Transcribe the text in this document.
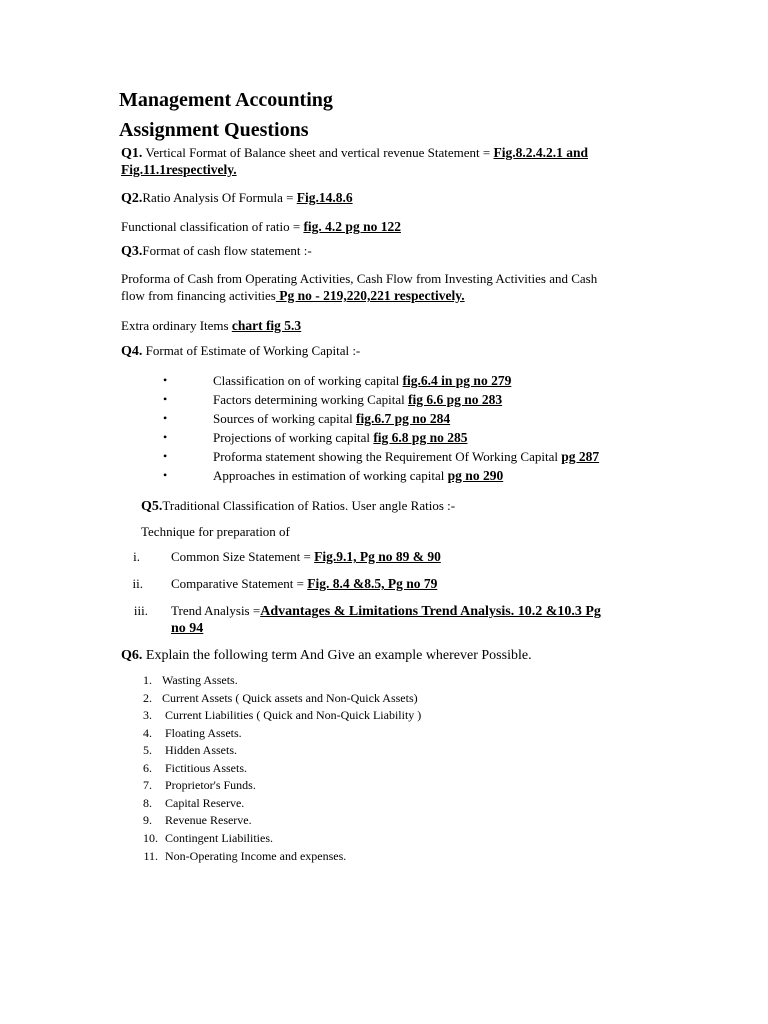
Management Accounting
Assignment Questions
Q1. Vertical Format of Balance sheet and vertical revenue Statement = Fig.8.2.4.2.1 and
Fig.11.1respectively.
Q2.Ratio Analysis Of Formula = Fig.14.8.6
Functional classification of ratio = fig. 4.2 pg no 122
Q3.Format of cash flow statement :-
Proforma of Cash from Operating Activities, Cash Flow from Investing Activities and Cash
flow from financing activities Pg no - 219,220,221 respectively.
Extra ordinary Items chart fig 5.3
Q4. Format of Estimate of Working Capital :-
•	Classification on of working capital fig.6.4 in pg no 279
•	Factors determining working Capital fig 6.6 pg no 283
•	Sources of working capital fig.6.7 pg no 284
•	Projections of working capital fig 6.8 pg no 285
•	Proforma statement showing the Requirement Of Working Capital pg 287
•	Approaches in estimation of working capital pg no 290
Q5.Traditional Classification of Ratios. User angle Ratios :-
Technique for preparation of
i. Common Size Statement = Fig.9.1, Pg no 89 & 90
ii. Comparative Statement = Fig. 8.4 &8.5, Pg no 79
iii. Trend Analysis =Advantages & Limitations Trend Analysis. 10.2 &10.3 Pg
no 94
Q6. Explain the following term And Give an example wherever Possible.
1. Wasting Assets.
2. Current Assets ( Quick assets and Non-Quick Assets)
3. Current Liabilities ( Quick and Non-Quick Liability )
4. Floating Assets.
5. Hidden Assets.
6. Fictitious Assets.
7. Proprietor's Funds.
8. Capital Reserve.
9. Revenue Reserve.
10. Contingent Liabilities.
11. Non-Operating Income and expenses.
